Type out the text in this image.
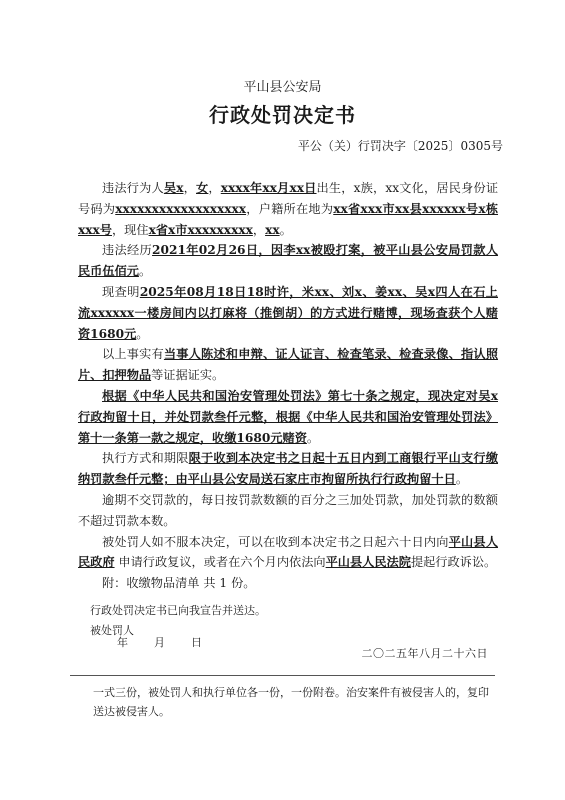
平山县公安局
行政处罚决定书
平公（关）行罚决字〔2025〕0305号

违法行为人吴x，女，xxxx年xx月xx日出生，x族，xx文化，居民身份证号码为xxxxxxxxxxxxxxxxxx，户籍所在地为xx省xxx市xx县xxxxxx号x栋xxx号，现住x省x市xxxxxxxxx，xx。

违法经历2021年02月26日，因李xx被殴打案，被平山县公安局罚款人民币伍佰元。

现查明2025年08月18日18时许，米xx、刘x、姜xx、吴x四人在石上流xxxxxx一楼房间内以打麻将（推倒胡）的方式进行赌博，现场查获个人赌资1680元。

以上事实有当事人陈述和申辩、证人证言、检查笔录、检查录像、指认照片、扣押物品等证据证实。

根据《中华人民共和国治安管理处罚法》第七十条之规定，现决定对吴x行政拘留十日，并处罚款叁仟元整，根据《中华人民共和国治安管理处罚法》第十一条第一款之规定，收缴1680元赌资。

执行方式和期限限于收到本决定书之日起十五日内到工商银行平山支行缴纳罚款叁仟元整；由平山县公安局送石家庄市拘留所执行行政拘留十日。

逾期不交罚款的，每日按罚款数额的百分之三加处罚款，加处罚款的数额不超过罚款本数。

被处罚人如不服本决定，可以在收到本决定书之日起六十日内向平山县人民政府 申请行政复议，或者在六个月内依法向平山县人民法院提起行政诉讼。

附：收缴物品清单 共 1 份。

行政处罚决定书已向我宣告并送达。
被处罚人
年 月 日
二〇二五年八月二十六日
一式三份，被处罚人和执行单位各一份，一份附卷。治安案件有被侵害人的，复印送达被侵害人。
